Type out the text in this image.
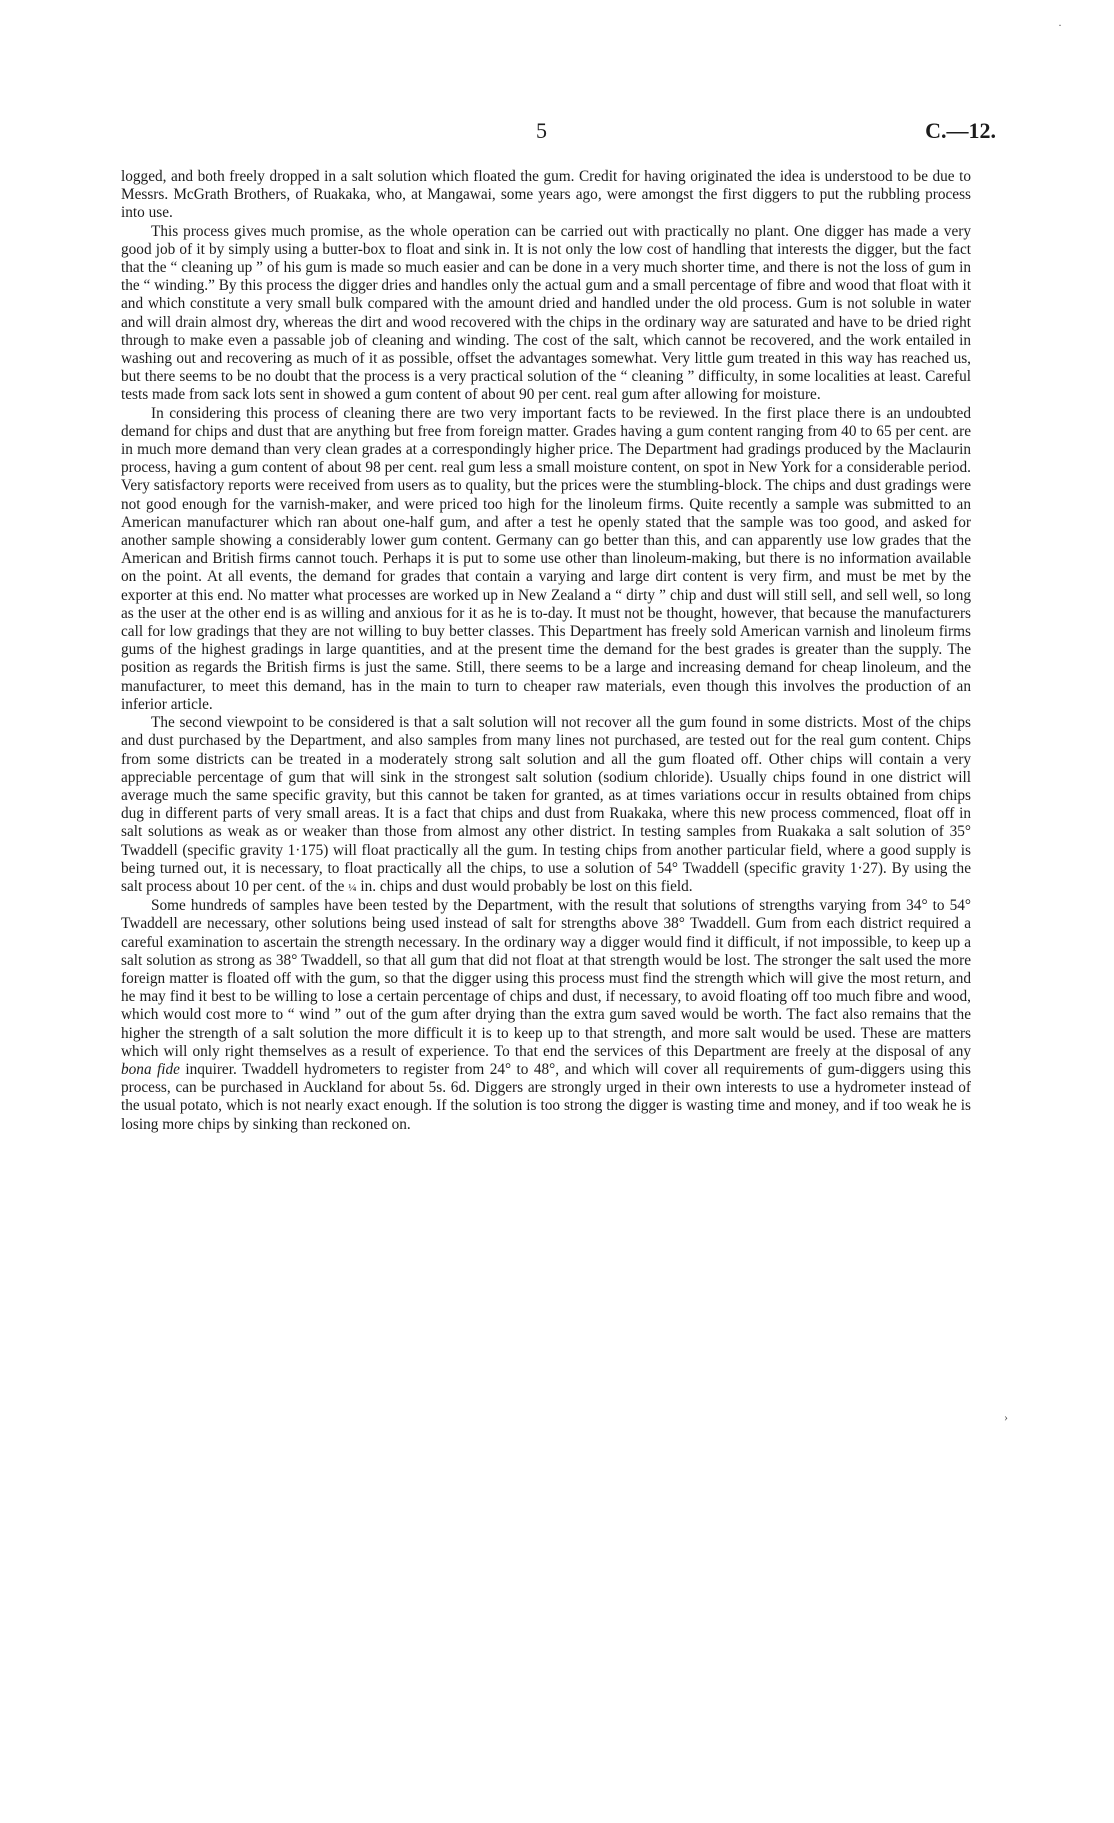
·
5	C.—12.

logged, and both freely dropped in a salt solution which floated the gum. Credit for having originated the idea is understood to be due to Messrs. McGrath Brothers, of Ruakaka, who, at Mangawai, some years ago, were amongst the first diggers to put the rubbling process into use.

This process gives much promise, as the whole operation can be carried out with practically no plant. One digger has made a very good job of it by simply using a butter-box to float and sink in. It is not only the low cost of handling that interests the digger, but the fact that the “ cleaning up ” of his gum is made so much easier and can be done in a very much shorter time, and there is not the loss of gum in the “ winding.” By this process the digger dries and handles only the actual gum and a small percentage of fibre and wood that float with it and which constitute a very small bulk compared with the amount dried and handled under the old process. Gum is not soluble in water and will drain almost dry, whereas the dirt and wood recovered with the chips in the ordinary way are saturated and have to be dried right through to make even a passable job of cleaning and winding. The cost of the salt, which cannot be recovered, and the work entailed in washing out and recovering as much of it as possible, offset the advantages somewhat. Very little gum treated in this way has reached us, but there seems to be no doubt that the process is a very practical solution of the “ cleaning ” difficulty, in some localities at least. Careful tests made from sack lots sent in showed a gum content of about 90 per cent. real gum after allowing for moisture.

In considering this process of cleaning there are two very important facts to be reviewed. In the first place there is an undoubted demand for chips and dust that are anything but free from foreign matter. Grades having a gum content ranging from 40 to 65 per cent. are in much more demand than very clean grades at a correspondingly higher price. The Department had gradings produced by the Maclaurin process, having a gum content of about 98 per cent. real gum less a small moisture content, on spot in New York for a considerable period. Very satisfactory reports were received from users as to quality, but the prices were the stumbling-block. The chips and dust gradings were not good enough for the varnish-maker, and were priced too high for the linoleum firms. Quite recently a sample was submitted to an American manufacturer which ran about one-half gum, and after a test he openly stated that the sample was too good, and asked for another sample showing a considerably lower gum content. Germany can go better than this, and can apparently use low grades that the American and British firms cannot touch. Perhaps it is put to some use other than linoleum-making, but there is no information available on the point. At all events, the demand for grades that contain a varying and large dirt content is very firm, and must be met by the exporter at this end. No matter what processes are worked up in New Zealand a “ dirty ” chip and dust will still sell, and sell well, so long as the user at the other end is as willing and anxious for it as he is to-day. It must not be thought, however, that because the manufacturers call for low gradings that they are not willing to buy better classes. This Department has freely sold American varnish and linoleum firms gums of the highest gradings in large quantities, and at the present time the demand for the best grades is greater than the supply. The position as regards the British firms is just the same. Still, there seems to be a large and increasing demand for cheap linoleum, and the manufacturer, to meet this demand, has in the main to turn to cheaper raw materials, even though this involves the production of an inferior article.

The second viewpoint to be considered is that a salt solution will not recover all the gum found in some districts. Most of the chips and dust purchased by the Department, and also samples from many lines not purchased, are tested out for the real gum content. Chips from some districts can be treated in a moderately strong salt solution and all the gum floated off. Other chips will contain a very appreciable percentage of gum that will sink in the strongest salt solution (sodium chloride). Usually chips found in one district will average much the same specific gravity, but this cannot be taken for granted, as at times variations occur in results obtained from chips dug in different parts of very small areas. It is a fact that chips and dust from Ruakaka, where this new process commenced, float off in salt solutions as weak as or weaker than those from almost any other district. In testing samples from Ruakaka a salt solution of 35° Twaddell (specific gravity 1·175) will float practically all the gum. In testing chips from another particular field, where a good supply is being turned out, it is necessary, to float practically all the chips, to use a solution of 54° Twaddell (specific gravity 1·27). By using the salt process about 10 per cent. of the ¼ in. chips and dust would probably be lost on this field.

Some hundreds of samples have been tested by the Department, with the result that solutions of strengths varying from 34° to 54° Twaddell are necessary, other solutions being used instead of salt for strengths above 38° Twaddell. Gum from each district required a careful examination to ascertain the strength necessary. In the ordinary way a digger would find it difficult, if not impossible, to keep up a salt solution as strong as 38° Twaddell, so that all gum that did not float at that strength would be lost. The stronger the salt used the more foreign matter is floated off with the gum, so that the digger using this process must find the strength which will give the most return, and he may find it best to be willing to lose a certain percentage of chips and dust, if necessary, to avoid floating off too much fibre and wood, which would cost more to “ wind ” out of the gum after drying than the extra gum saved would be worth. The fact also remains that the higher the strength of a salt solution the more difficult it is to keep up to that strength, and more salt would be used. These are matters which will only right themselves as a result of experience. To that end the services of this Department are freely at the disposal of any bona fide inquirer. Twaddell hydrometers to register from 24° to 48°, and which will cover all requirements of gum-diggers using this process, can be purchased in Auckland for about 5s. 6d. Diggers are strongly urged in their own interests to use a hydrometer instead of the usual potato, which is not nearly exact enough. If the solution is too strong the digger is wasting time and money, and if too weak he is losing more chips by sinking than reckoned on.

›
